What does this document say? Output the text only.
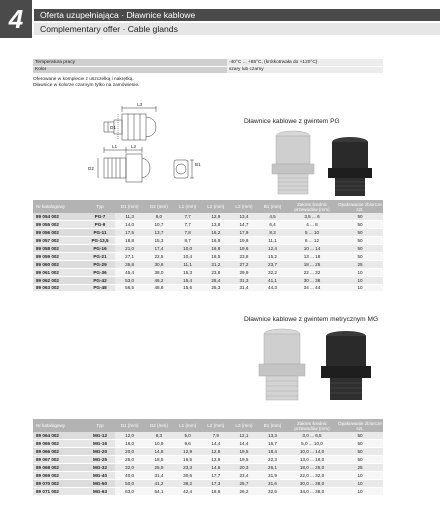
4	Oferta uzupełniająca · Dławnice kablowe
Complementary offer · Cable glands
Temperatura pracy	-40°C ... +85°C, (krótkotrwała do +120°C)
Kolor	szary lub czarny
Oferowane w komplecie z uszczelką i nakrętką.
Dławnice w kolorze czarnym tylko na zamówienie.
L3
D1
L1	L2
D2
B1
Dławnice kablowe z gwintem PG
Nr katalogowy	Typ	D1 (mm)	D2 (mm)	L1 (mm)	L2 (mm)	L3 (mm)	B1 (mm)	Zakres średnic przewodów (mm)	Opakowanie zbiorcze szt.
89 054 002	PG-7	11,3	8,0	7,7	12,9	13,4	4,5	3,5 ... 6	50
89 055 002	PG-9	14,0	10,7	7,7	13,8	14,7	6,4	4 ... 8	50
89 056 002	PG-11	17,5	13,7	7,8	16,2	17,9	8,3	5 ... 10	50
89 057 002	PG-13,5	18,8	15,3	8,7	16,9	19,8	11,1	6 ... 12	50
89 058 002	PG-16	21,0	17,4	10,0	16,8	19,6	12,4	10 ... 14	50
89 059 002	PG-21	27,1	22,5	10,4	18,5	23,8	15,2	13 ... 18	50
89 060 002	PG-29	35,8	30,6	11,1	21,2	27,2	23,7	18 ... 25	25
89 061 002	PG-36	45,4	38,0	15,3	23,8	29,9	32,2	22 ... 32	10
89 062 002	PG-42	53,0	46,2	15,4	28,4	31,3	41,1	30 ... 38	10
89 063 002	PG-48	56,5	48,8	15,6	25,3	31,4	44,3	34 ... 44	10
Dławnice kablowe z gwintem metrycznym MG
Nr katalogowy	Typ	D1 (mm)	D2 (mm)	L1 (mm)	L2 (mm)	L3 (mm)	B1 (mm)	Zakres średnic przewodów (mm)	Opakowanie zbiorcze szt.
89 064 002	MG-12	12,0	8,3	5,0	7,9	12,1	13,3	3,0 ... 6,5	50
89 065 002	MG-16	16,0	10,9	9,6	14,4	14,4	16,7	5,0 ... 10,0	50
89 066 002	MG-20	20,0	14,8	12,9	12,8	19,5	18,4	10,0 ... 14,0	50
89 067 002	MG-25	25,0	18,5	16,5	13,9	19,5	22,3	13,0 ... 18,0	50
89 068 002	MG-32	32,0	25,9	23,3	14,6	20,3	26,1	18,0 ... 25,0	25
89 069 002	MG-40	40,0	31,4	30,6	17,7	23,4	31,9	22,0 ... 32,0	10
89 070 002	MG-50	50,0	41,2	38,2	17,3	25,7	31,6	30,0 ... 38,0	10
89 071 002	MG-63	63,0	54,1	42,4	18,6	26,2	32,6	34,0 ... 38,0	10
